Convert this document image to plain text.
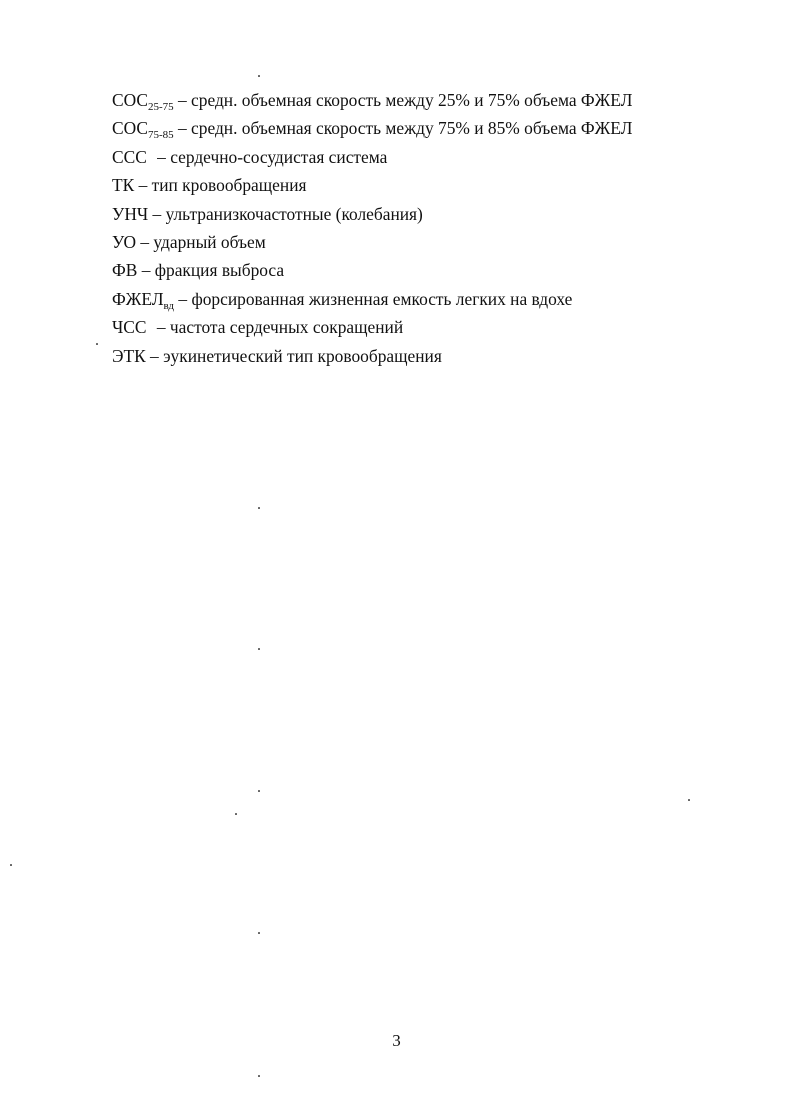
$СОС_{25-75}$ – средн. объемная скорость между 25% и 75% объема ФЖЕЛ
$СОС_{75-85}$ – средн. объемная скорость между 75% и 85% объема ФЖЕЛ
ССС – сердечно-сосудистая система
ТК – тип кровообращения
УНЧ – ультранизкочастотные (колебания)
УО – ударный объем
ФВ – фракция выброса
$ФЖЕЛ_{вд}$ – форсированная жизненная емкость легких на вдохе
ЧСС – частота сердечных сокращений
ЭТК – эукинетический тип кровообращения
3
